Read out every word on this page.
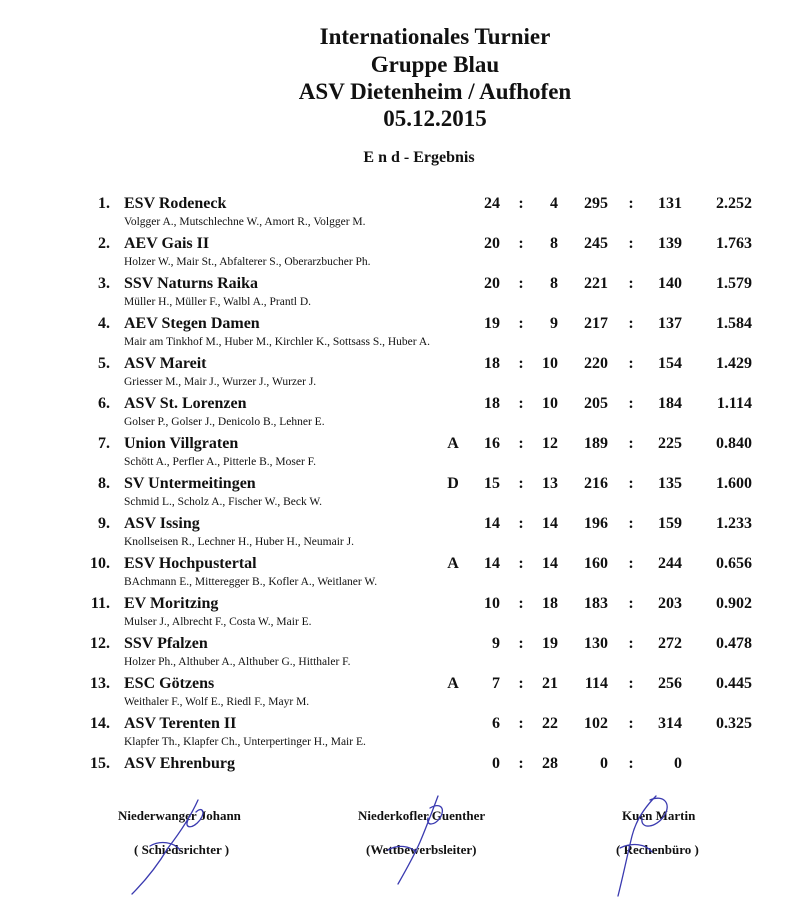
Internationales Turnier
Gruppe Blau
ASV Dietenheim / Aufhofen
05.12.2015
E n d - Ergebnis
1. ESV Rodeneck
Volgger A., Mutschlechne W., Amort R., Volgger M.
24 :	4	295 :	131	2.252
2. AEV Gais II
Holzer W., Mair St., Abfalterer S., Oberarzbucher Ph.
20 :	8	245 :	139	1.763
3. SSV Naturns Raika
Müller H., Müller F., Walbl A., Prantl D.
20 :	8	221 :	140	1.579
4. AEV Stegen Damen
Mair am Tinkhof M., Huber M., Kirchler K., Sottsass S., Huber A.
19 :	9	217 :	137	1.584
5. ASV Mareit
Griesser M., Mair J., Wurzer J., Wurzer J.
18 :	10	220 :	154	1.429
6. ASV St. Lorenzen
Golser P., Golser J., Denicolo B., Lehner E.
18 :	10	205 :	184	1.114
7. Union Villgraten
Schött A., Perfler A., Pitterle B., Moser F.
A	16 :	12	189 :	225	0.840
8. SV Untermeitingen
Schmid L., Scholz A., Fischer W., Beck W.
D	15 :	13	216 :	135	1.600
9. ASV Issing
Knollseisen R., Lechner H., Huber H., Neumair J.
14 :	14	196 :	159	1.233
10. ESV Hochpustertal
BAchmann E., Mitteregger B., Kofler A., Weitlaner W.
A	14 :	14	160 :	244	0.656
11. EV Moritzing
Mulser J., Albrecht F., Costa W., Mair E.
10 :	18	183 :	203	0.902
12. SSV Pfalzen
Holzer Ph., Althuber A., Althuber G., Hitthaler F.
9 :	19	130 :	272	0.478
13. ESC Götzens
Weithaler F., Wolf E., Riedl F., Mayr M.
A	7 :	21	114 :	256	0.445
14. ASV Terenten II
Klapfer Th., Klapfer Ch., Unterpertinger H., Mair E.
6 :	22	102 :	314	0.325
15. ASV Ehrenburg	0 :	28	0 :	0
Niederwanger Johann
( Schiedsrichter )
Niederkofler Guenther
(Wettbewerbsleiter)
Kuen Martin
( Rechenbüro )
